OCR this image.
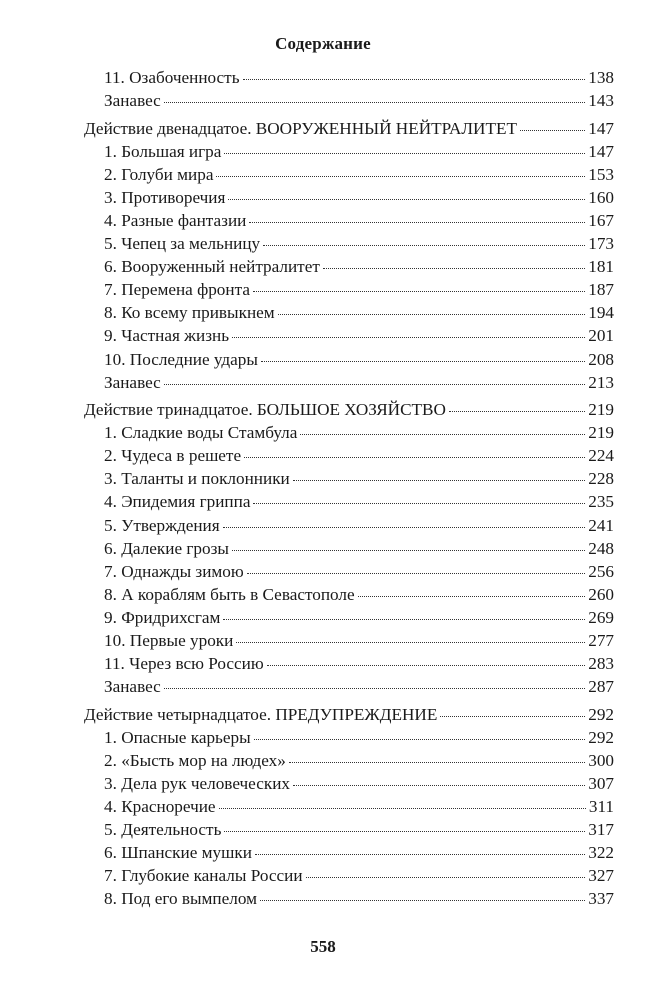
Содержание
11. Озабоченность	138
Занавес	143
Действие двенадцатое. ВООРУЖЕННЫЙ НЕЙТРАЛИТЕТ	147
1. Большая игра	147
2. Голуби мира	153
3. Противоречия	160
4. Разные фантазии	167
5. Чепец за мельницу	173
6. Вооруженный нейтралитет	181
7. Перемена фронта	187
8. Ко всему привыкнем	194
9. Частная жизнь	201
10. Последние удары	208
Занавес	213
Действие тринадцатое. БОЛЬШОЕ ХОЗЯЙСТВО	219
1. Сладкие воды Стамбула	219
2. Чудеса в решете	224
3. Таланты и поклонники	228
4. Эпидемия гриппа	235
5. Утверждения	241
6. Далекие грозы	248
7. Однажды зимою	256
8. А кораблям быть в Севастополе	260
9. Фридрихсгам	269
10. Первые уроки	277
11. Через всю Россию	283
Занавес	287
Действие четырнадцатое. ПРЕДУПРЕЖДЕНИЕ	292
1. Опасные карьеры	292
2. «Бысть мор на людех»	300
3. Дела рук человеческих	307
4. Красноречие	311
5. Деятельность	317
6. Шпанские мушки	322
7. Глубокие каналы России	327
8. Под его вымпелом	337
558
